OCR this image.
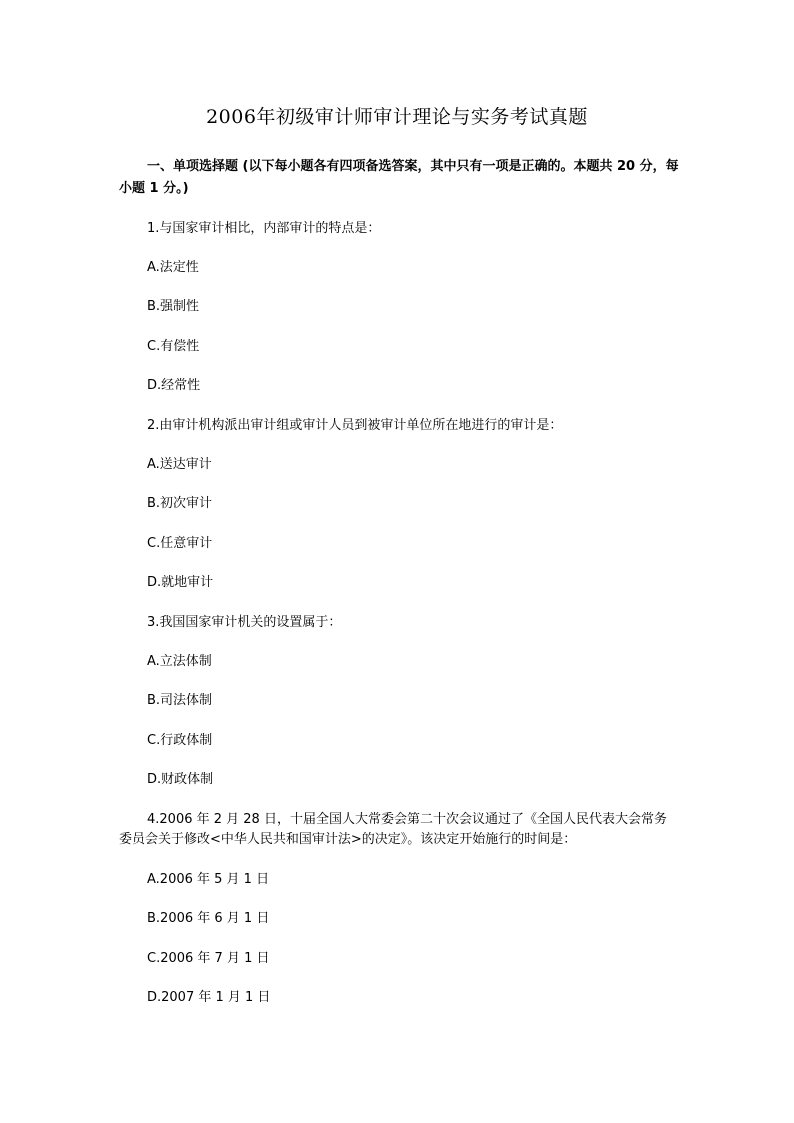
2006年初级审计师审计理论与实务考试真题
一、单项选择题 (以下每小题各有四项备选答案，其中只有一项是正确的。本题共 20 分，每小题 1 分。)
1.与国家审计相比，内部审计的特点是：
A.法定性
B.强制性
C.有偿性
D.经常性
2.由审计机构派出审计组或审计人员到被审计单位所在地进行的审计是：
A.送达审计
B.初次审计
C.任意审计
D.就地审计
3.我国国家审计机关的设置属于：
A.立法体制
B.司法体制
C.行政体制
D.财政体制
4.2006 年 2 月 28 日，十届全国人大常委会第二十次会议通过了《全国人民代表大会常务委员会关于修改<中华人民共和国审计法>的决定》。该决定开始施行的时间是：
A.2006 年 5 月 1 日
B.2006 年 6 月 1 日
C.2006 年 7 月 1 日
D.2007 年 1 月 1 日
